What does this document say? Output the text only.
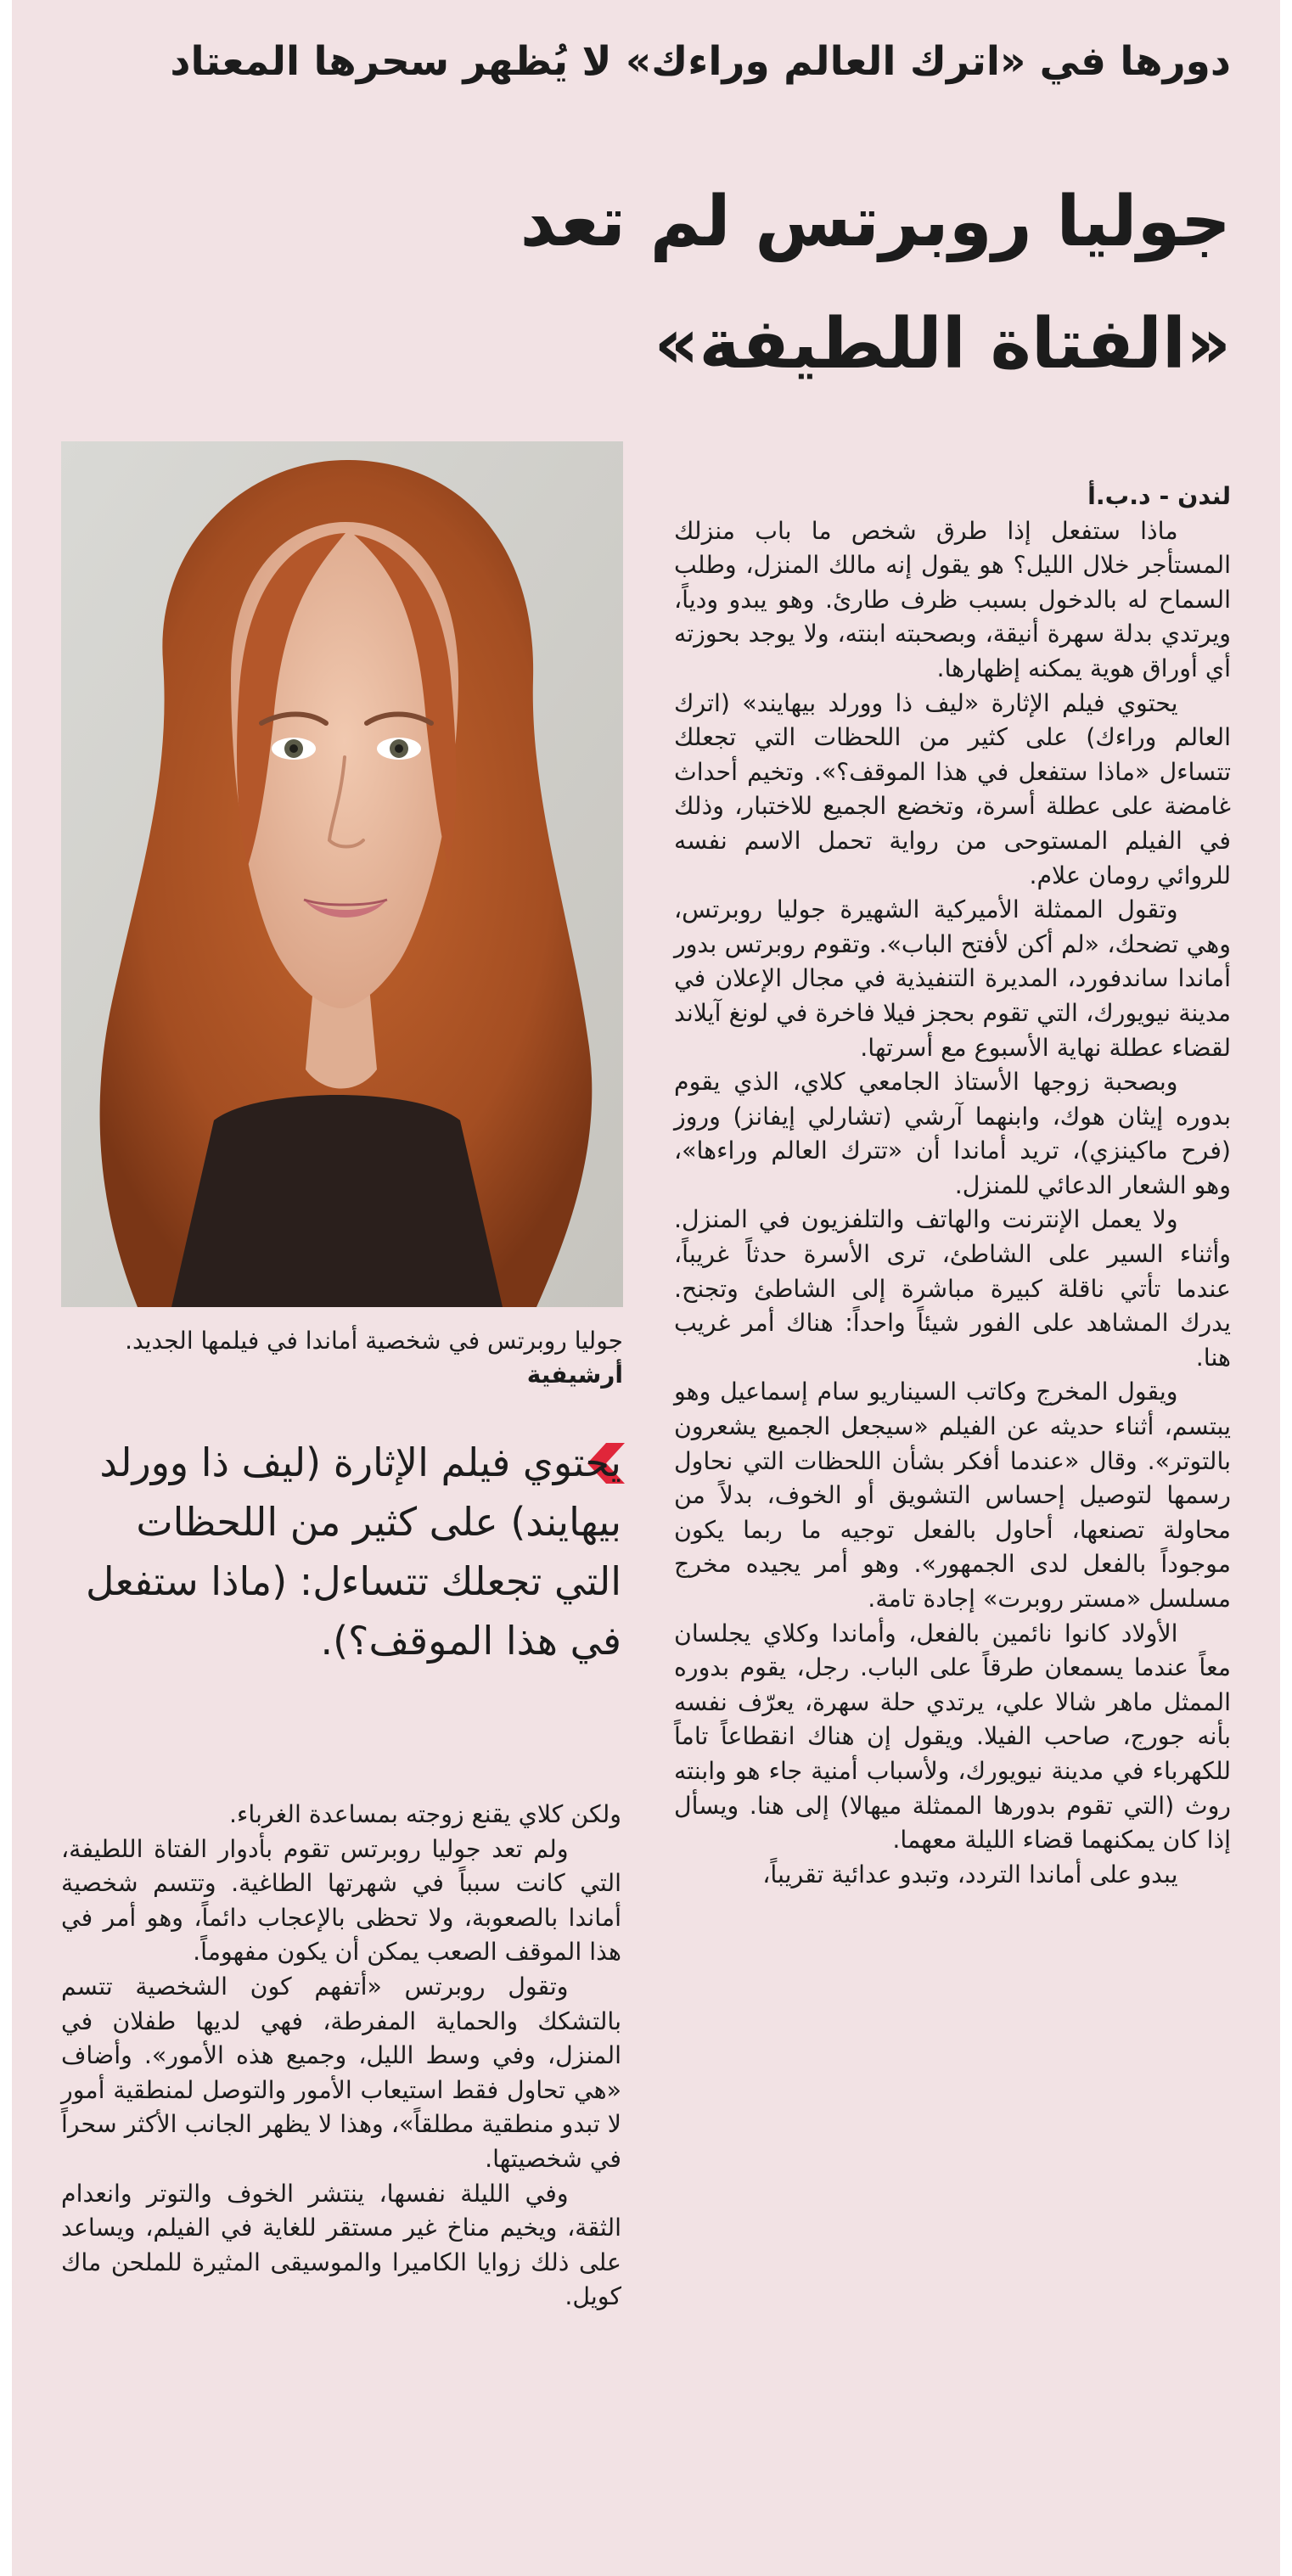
دورها في «اترك العالم وراءك» لا يُظهر سحرها المعتاد
جوليا روبرتس لم تعد
«الفتاة اللطيفة»

لندن - د.ب.أ

ماذا ستفعل إذا طرق شخص ما باب منزلك المستأجر خلال الليل؟ هو يقول إنه مالك المنزل، وطلب السماح له بالدخول بسبب ظرف طارئ. وهو يبدو ودياً، ويرتدي بدلة سهرة أنيقة، وبصحبته ابنته، ولا يوجد بحوزته أي أوراق هوية يمكنه إظهارها.

يحتوي فيلم الإثارة «ليف ذا وورلد بيهايند» (اترك العالم وراءك) على كثير من اللحظات التي تجعلك تتساءل «ماذا ستفعل في هذا الموقف؟». وتخيم أحداث غامضة على عطلة أسرة، وتخضع الجميع للاختبار، وذلك في الفيلم المستوحى من رواية تحمل الاسم نفسه للروائي رومان علام.

وتقول الممثلة الأميركية الشهيرة جوليا روبرتس، وهي تضحك، «لم أكن لأفتح الباب». وتقوم روبرتس بدور أماندا ساندفورد، المديرة التنفيذية في مجال الإعلان في مدينة نيويورك، التي تقوم بحجز فيلا فاخرة في لونغ آيلاند لقضاء عطلة نهاية الأسبوع مع أسرتها.

وبصحبة زوجها الأستاذ الجامعي كلاي، الذي يقوم بدوره إيثان هوك، وابنهما آرشي (تشارلي إيفانز) وروز (فرح ماكينزي)، تريد أماندا أن «تترك العالم وراءها»، وهو الشعار الدعائي للمنزل.

ولا يعمل الإنترنت والهاتف والتلفزيون في المنزل. وأثناء السير على الشاطئ، ترى الأسرة حدثاً غريباً، عندما تأتي ناقلة كبيرة مباشرة إلى الشاطئ وتجنح. يدرك المشاهد على الفور شيئاً واحداً: هناك أمر غريب هنا.

ويقول المخرج وكاتب السيناريو سام إسماعيل وهو يبتسم، أثناء حديثه عن الفيلم «سيجعل الجميع يشعرون بالتوتر». وقال «عندما أفكر بشأن اللحظات التي نحاول رسمها لتوصيل إحساس التشويق أو الخوف، بدلاً من محاولة تصنعها، أحاول بالفعل توجيه ما ربما يكون موجوداً بالفعل لدى الجمهور». وهو أمر يجيده مخرج مسلسل «مستر روبرت» إجادة تامة.

الأولاد كانوا نائمين بالفعل، وأماندا وكلاي يجلسان معاً عندما يسمعان طرقاً على الباب. رجل، يقوم بدوره الممثل ماهر شالا علي، يرتدي حلة سهرة، يعرّف نفسه بأنه جورج، صاحب الفيلا. ويقول إن هناك انقطاعاً تاماً للكهرباء في مدينة نيويورك، ولأسباب أمنية جاء هو وابنته روث (التي تقوم بدورها الممثلة ميهالا) إلى هنا. ويسأل إذا كان يمكنهما قضاء الليلة معهما.

يبدو على أماندا التردد، وتبدو عدائية تقريباً،

جوليا روبرتس في شخصية أماندا في فيلمها الجديد. أرشيفية
يحتوي فيلم الإثارة (ليف ذا وورلد بيهايند) على كثير من اللحظات التي تجعلك تتساءل: (ماذا ستفعل في هذا الموقف؟).

ولكن كلاي يقنع زوجته بمساعدة الغرباء.

ولم تعد جوليا روبرتس تقوم بأدوار الفتاة اللطيفة، التي كانت سبباً في شهرتها الطاغية. وتتسم شخصية أماندا بالصعوبة، ولا تحظى بالإعجاب دائماً، وهو أمر في هذا الموقف الصعب يمكن أن يكون مفهوماً.

وتقول روبرتس «أتفهم كون الشخصية تتسم بالتشكك والحماية المفرطة، فهي لديها طفلان في المنزل، وفي وسط الليل، وجميع هذه الأمور». وأضاف «هي تحاول فقط استيعاب الأمور والتوصل لمنطقية أمور لا تبدو منطقية مطلقاً»، وهذا لا يظهر الجانب الأكثر سحراً في شخصيتها.

وفي الليلة نفسها، ينتشر الخوف والتوتر وانعدام الثقة، ويخيم مناخ غير مستقر للغاية في الفيلم، ويساعد على ذلك زوايا الكاميرا والموسيقى المثيرة للملحن ماك كويل.
